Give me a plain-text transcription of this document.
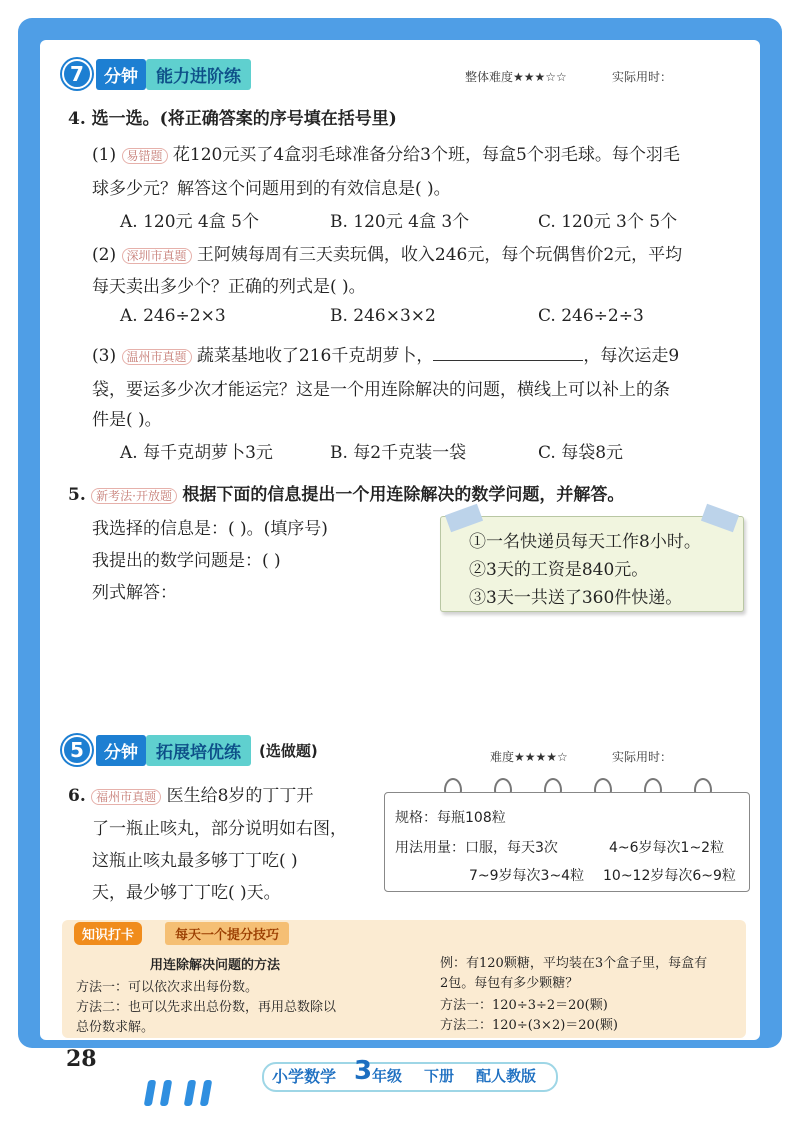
7	分钟	能力进阶练	整体难度★★★☆☆	实际用时：
4. 选一选。(将正确答案的序号填在括号里)
(1) 易错题 花120元买了4盒羽毛球准备分给3个班，每盒5个羽毛球。每个羽毛
球多少元？解答这个问题用到的有效信息是( )。
A. 120元 4盒 5个	B. 120元 4盒 3个	C. 120元 3个 5个
(2) 深圳市真题 王阿姨每周有三天卖玩偶，收入246元，每个玩偶售价2元，平均
每天卖出多少个？正确的列式是( )。
A. 246÷2×3	B. 246×3×2	C. 246÷2÷3
(3) 温州市真题 蔬菜基地收了216千克胡萝卜，	，每次运走9
袋，要运多少次才能运完？这是一个用连除解决的问题，横线上可以补上的条
件是( )。
A. 每千克胡萝卜3元	B. 每2千克装一袋	C. 每袋8元
5. 新考法·开放题 根据下面的信息提出一个用连除解决的数学问题，并解答。
我选择的信息是：( )。(填序号)
我提出的数学问题是：( )
列式解答：
①一名快递员每天工作8小时。
②3天的工资是840元。
③3天一共送了360件快递。
5	分钟	拓展培优练	(选做题)	难度★★★★☆	实际用时：
6. 福州市真题 医生给8岁的丁丁开
了一瓶止咳丸，部分说明如右图，
这瓶止咳丸最多够丁丁吃( )
天，最少够丁丁吃( )天。
规格：每瓶108粒
用法用量：口服，每天3次	4~6岁每次1~2粒
7~9岁每次3~4粒 10~12岁每次6~9粒
知识打卡	每天一个提分技巧
用连除解决问题的方法
方法一：可以依次求出每份数。
方法二：也可以先求出总份数，再用总数除以
总份数求解。
例：有120颗糖，平均装在3个盒子里，每盒有
2包。每包有多少颗糖？
方法一：120÷3÷2＝20(颗)
方法二：120÷(3×2)＝20(颗)
28
小学数学 3 年级 下册 配人教版
